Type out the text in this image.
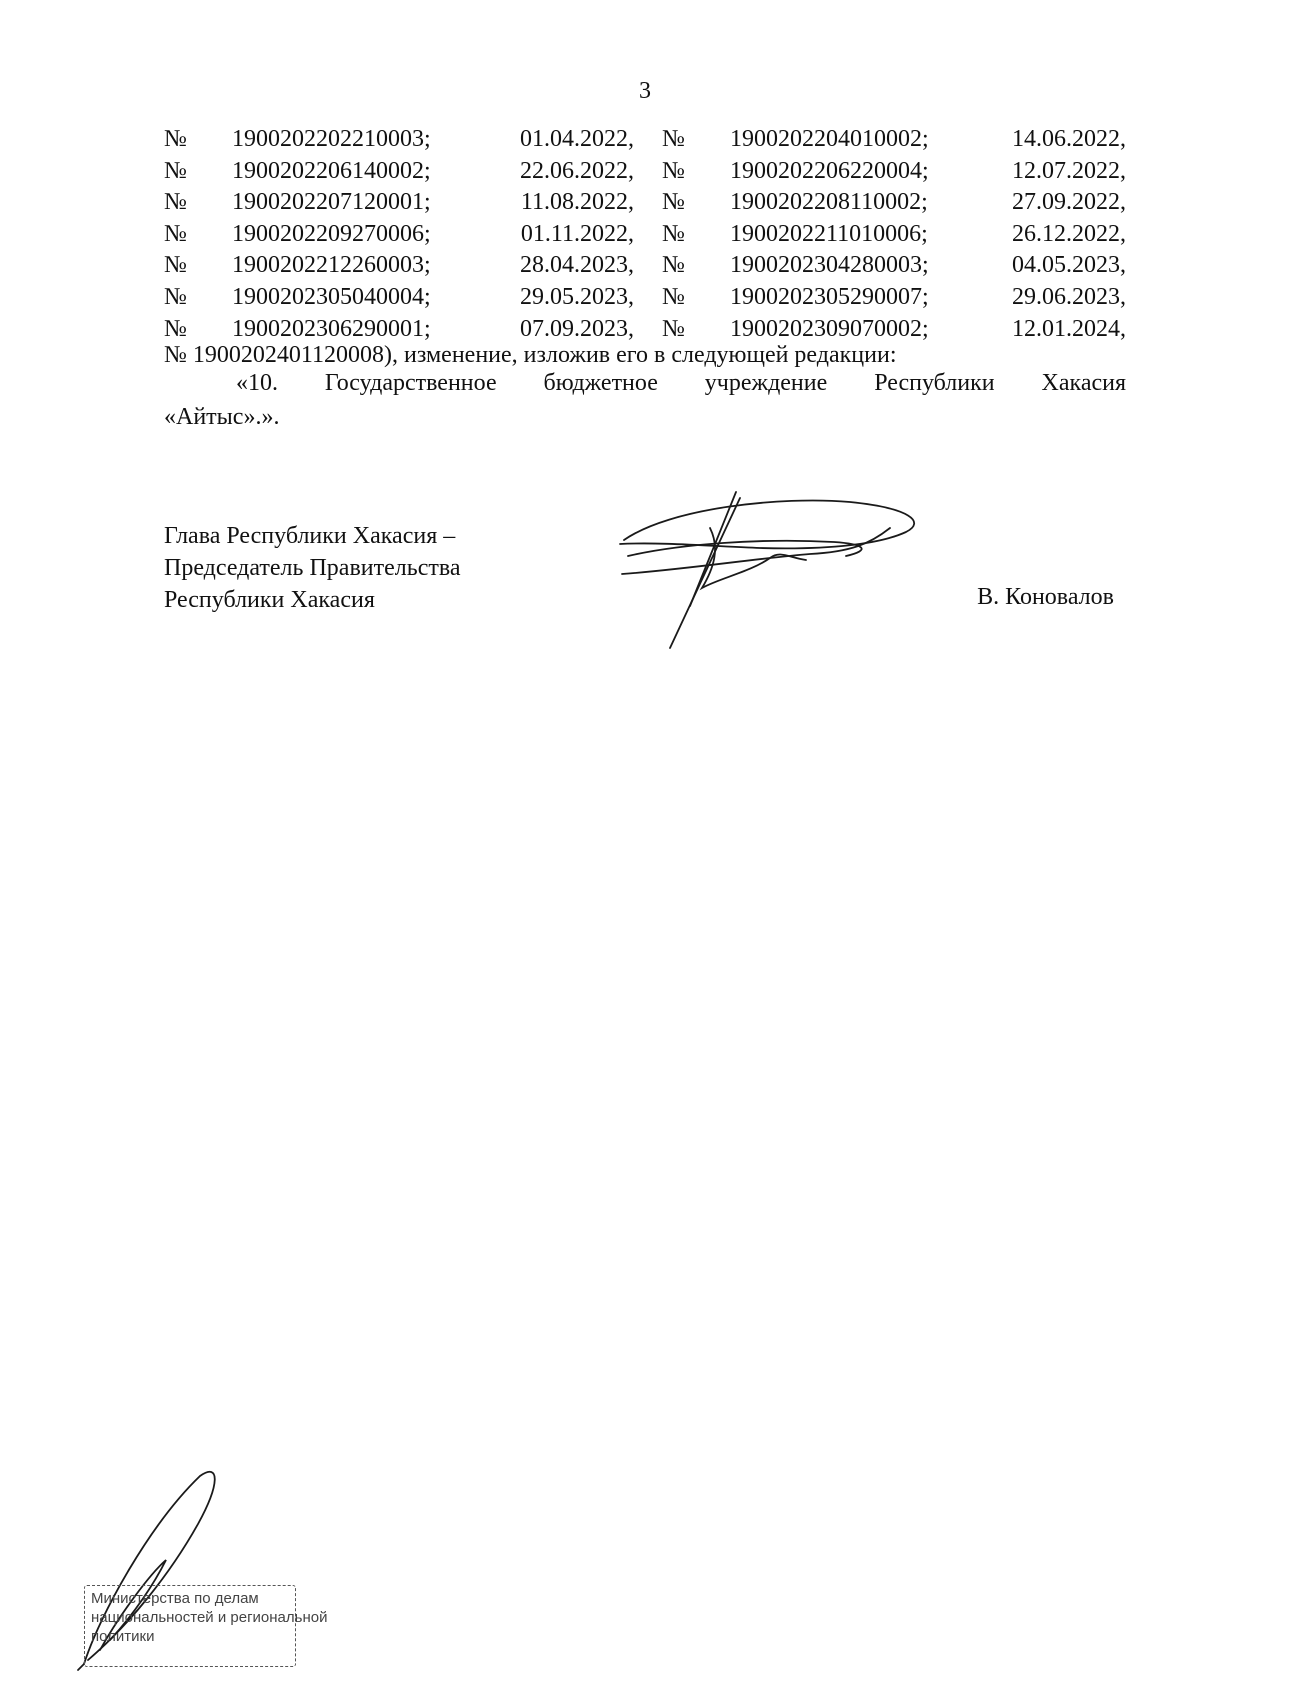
3
№ 1900202202210003;	01.04.2022, № 1900202204010002;	14.06.2022,
№ 1900202206140002;	22.06.2022, № 1900202206220004;	12.07.2022,
№ 1900202207120001;	11.08.2022, № 1900202208110002;	27.09.2022,
№ 1900202209270006;	01.11.2022, № 1900202211010006;	26.12.2022,
№ 1900202212260003;	28.04.2023, № 1900202304280003;	04.05.2023,
№ 1900202305040004;	29.05.2023, № 1900202305290007;	29.06.2023,
№ 1900202306290001;	07.09.2023, № 1900202309070002;	12.01.2024,
№ 1900202401120008), изменение, изложив его в следующей редакции:
«10. Государственное бюджетное учреждение Республики Хакасия
«Айтыс».».
Глава Республики Хакасия –
Председатель Правительства
Республики Хакасия	В. Коновалов
Министерства по делам
национальностей и региональной
политики
